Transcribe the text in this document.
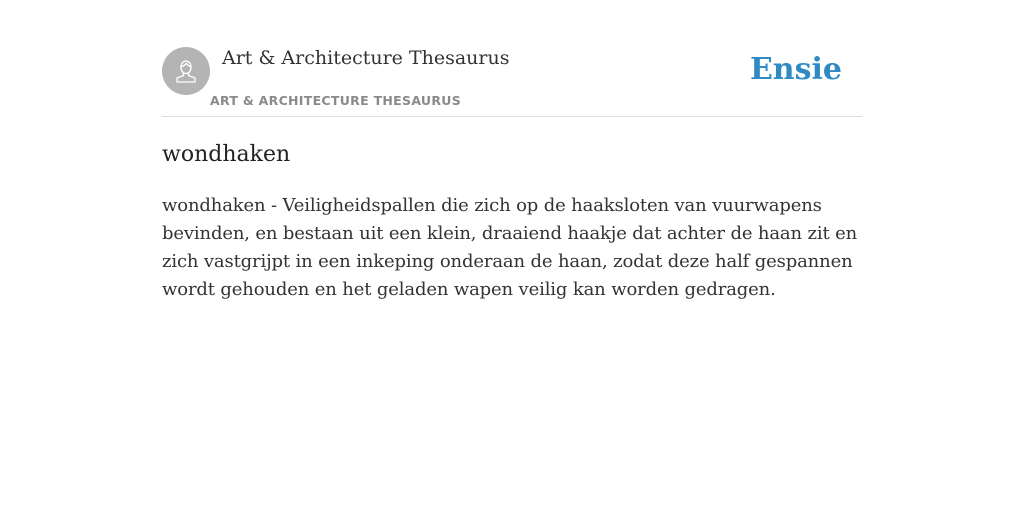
Art & Architecture Thesaurus
ART & ARCHITECTURE THESAURUS
Ensie
wondhaken

wondhaken - Veiligheidspallen die zich op de haaksloten van vuurwapens bevinden, en bestaan uit een klein, draaiend haakje dat achter de haan zit en zich vastgrijpt in een inkeping onderaan de haan, zodat deze half gespannen wordt gehouden en het geladen wapen veilig kan worden gedragen.
